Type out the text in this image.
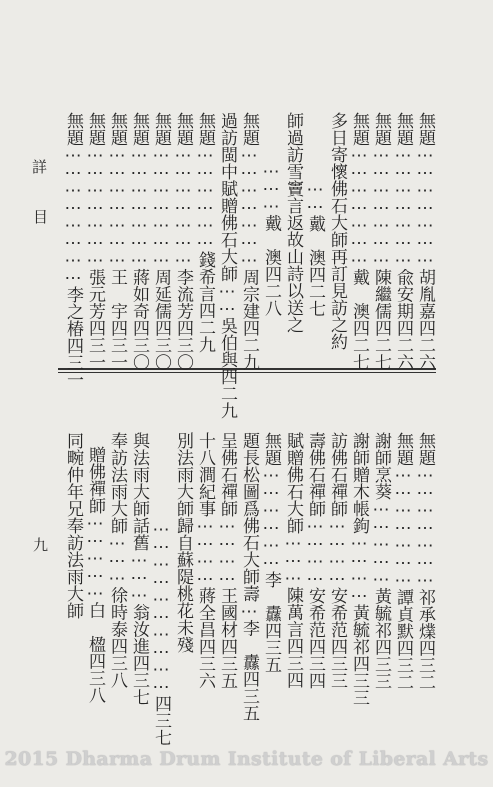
詳
目
九
無題⋯⋯⋯⋯⋯⋯⋯胡胤嘉四二六
無題⋯⋯⋯⋯⋯⋯⋯兪安期四二六
無題⋯⋯⋯⋯⋯⋯⋯陳繼儒四二七
無題⋯⋯⋯⋯⋯⋯⋯戴　澳四二七
多日寄懷佛石大師再訂見訪之約
⋯⋯戴　澳四二七
師過訪雪竇言返故山詩以送之
⋯⋯⋯戴　澳四二八
無題⋯⋯⋯⋯⋯⋯⋯周宗建四二九
過訪閩中賦贈佛石大師⋯⋯吳伯與四二九
無題⋯⋯⋯⋯⋯⋯錢希言四二九
無題⋯⋯⋯⋯⋯⋯⋯李流芳四三〇
無題⋯⋯⋯⋯⋯⋯⋯周延儒四三〇
無題⋯⋯⋯⋯⋯⋯⋯蔣如奇四三〇
無題⋯⋯⋯⋯⋯⋯⋯王　宇四三一
無題⋯⋯⋯⋯⋯⋯⋯張元芳四三一
無題⋯⋯⋯⋯⋯⋯⋯⋯李之椿四三一
無題⋯⋯⋯⋯⋯⋯⋯祁承㸁四三二
無題⋯⋯⋯⋯⋯⋯⋯譚貞默四三二
謝師烹葵⋯⋯⋯⋯⋯黃毓祁四三三
謝師贈木帳鉤⋯⋯⋯⋯黃毓祁四三三
訪佛石禪師⋯⋯⋯⋯安希范四三三
壽佛石禪師⋯⋯⋯⋯安希范四三四
賦贈佛石大師⋯⋯⋯陳萬言四三四
無題⋯⋯⋯⋯⋯⋯李　纛四三五
題長松圖爲佛石大師壽⋯李　纛四三五
呈佛石禪師⋯⋯⋯⋯王國材四三五
十八澗紀事⋯⋯⋯⋯蔣全昌四三六
別法雨大師歸自蘇隄桃花未殘
⋯⋯⋯⋯⋯⋯⋯⋯⋯⋯四三七
與法雨大師話舊⋯⋯⋯翁汝進四三七
奉訪法雨大師⋯⋯⋯徐時泰四三八
贈佛禪師⋯⋯⋯⋯⋯白　楹四三八
同畹仲年兄奉訪法雨大師
2015 Dharma Drum Institute of Liberal Arts
